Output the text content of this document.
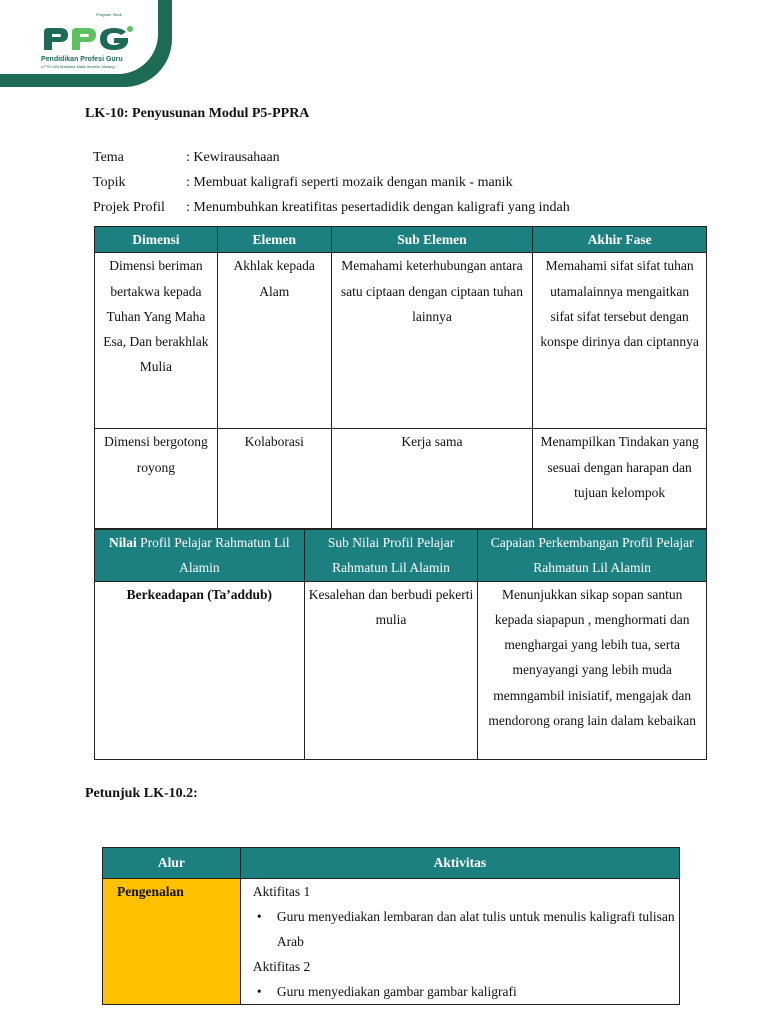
Program Studi
Pendidikan Profesi Guru
LPTK UIN Maulana Malik Ibrahim Malang
LK-10: Penyusunan Modul P5-PPRA
Tema	: Kewirausahaan
Topik	: Membuat kaligrafi seperti mozaik dengan manik - manik
Projek Profil : Menumbuhkan kreatifitas pesertadidik dengan kaligrafi yang indah
Dimensi	Elemen	Sub Elemen	Akhir Fase
Dimensi beriman bertakwa kepada Tuhan Yang Maha Esa, Dan berakhlak Mulia	Akhlak kepada Alam	Memahami keterhubungan antara satu ciptaan dengan ciptaan tuhan lainnya	Memahami sifat sifat tuhan utamalainnya mengaitkan sifat sifat tersebut dengan konspe dirinya dan ciptannya
Dimensi bergotong royong	Kolaborasi	Kerja sama	Menampilkan Tindakan yang sesuai dengan harapan dan tujuan kelompok
Nilai Profil Pelajar Rahmatun Lil Alamin	Sub Nilai Profil Pelajar Rahmatun Lil Alamin	Capaian Perkembangan Profil Pelajar Rahmatun Lil Alamin
Berkeadapan (Ta’addub)	Kesalehan dan berbudi pekerti mulia	Menunjukkan sikap sopan santun kepada siapapun , menghormati dan menghargai yang lebih tua, serta menyayangi yang lebih muda memngambil inisiatif, mengajak dan mendorong orang lain dalam kebaikan
Petunjuk LK-10.2:
Alur	Aktivitas
Pengenalan	Aktifitas 1
• Guru menyediakan lembaran dan alat tulis untuk menulis kaligrafi tulisan Arab
Aktifitas 2
• Guru menyediakan gambar gambar kaligrafi
